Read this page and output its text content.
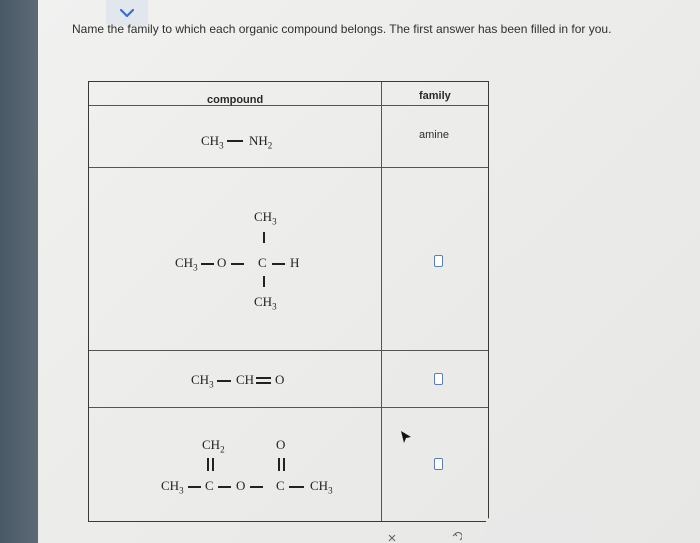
Name the family to which each organic compound belongs. The first answer has been filled in for you.
compound	family
$CH_3$ $NH_2$
amine
$CH_3$
$CH_3$ O C H
$CH_3$
$CH_3$ CH O
$CH_2$	O
$CH_3$ C O C $CH_3$
